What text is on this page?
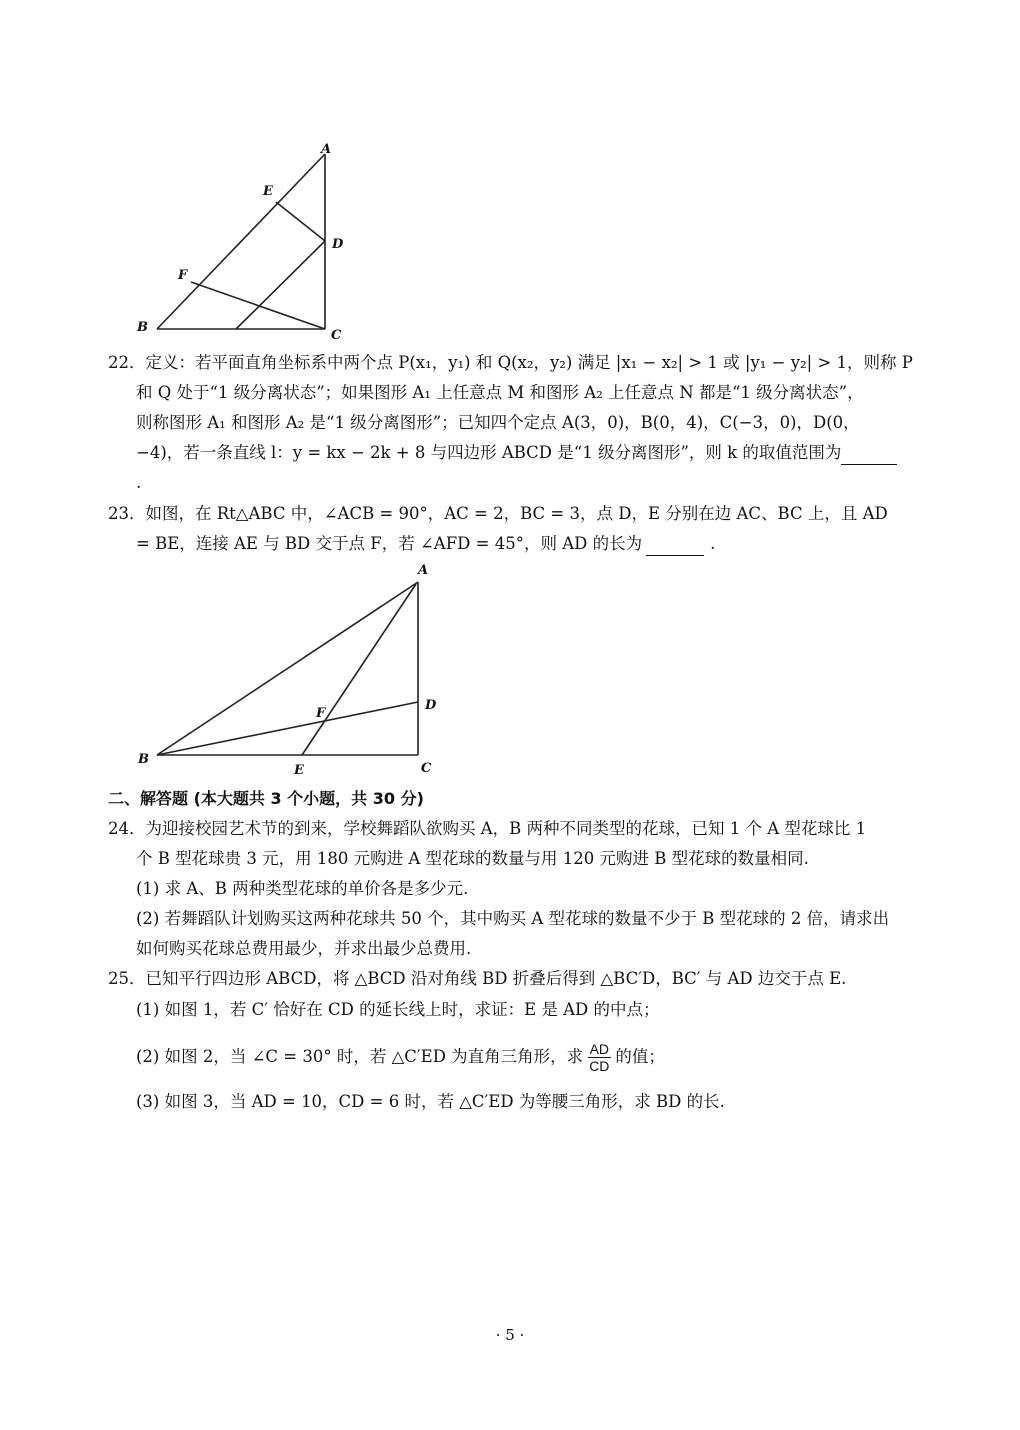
A
E
D
F
B
C
22．定义：若平面直角坐标系中两个点 P(x₁，y₁) 和 Q(x₂，y₂) 满足 |x₁ − x₂| > 1 或 |y₁ − y₂| > 1，则称 P
和 Q 处于“1 级分离状态”；如果图形 A₁ 上任意点 M 和图形 A₂ 上任意点 N 都是“1 级分离状态”，
则称图形 A₁ 和图形 A₂ 是“1 级分离图形”；已知四个定点 A(3，0)，B(0，4)，C(−3，0)，D(0，
−4)，若一条直线 l：y = kx − 2k + 8 与四边形 ABCD 是“1 级分离图形”，则 k 的取值范围为
.
23．如图，在 Rt△ABC 中，∠ACB = 90°，AC = 2，BC = 3，点 D，E 分别在边 AC、BC 上，且 AD
= BE，连接 AE 与 BD 交于点 F，若 ∠AFD = 45°，则 AD 的长为	.
A
D
F
B
E	C
二、解答题 (本大题共 3 个小题，共 30 分)
24．为迎接校园艺术节的到来，学校舞蹈队欲购买 A，B 两种不同类型的花球，已知 1 个 A 型花球比 1
个 B 型花球贵 3 元，用 180 元购进 A 型花球的数量与用 120 元购进 B 型花球的数量相同.
(1) 求 A、B 两种类型花球的单价各是多少元.
(2) 若舞蹈队计划购买这两种花球共 50 个，其中购买 A 型花球的数量不少于 B 型花球的 2 倍，请求出
如何购买花球总费用最少，并求出最少总费用.
25．已知平行四边形 ABCD，将 △BCD 沿对角线 BD 折叠后得到 △BC′D，BC′ 与 AD 边交于点 E.
(1) 如图 1，若 C′ 恰好在 CD 的延长线上时，求证：E 是 AD 的中点；
(2) 如图 2，当 ∠C = 30° 时，若 △C′ED 为直角三角形，求 $\frac{AD}{CD}$ 的值；
(3) 如图 3，当 AD = 10，CD = 6 时，若 △C′ED 为等腰三角形，求 BD 的长.
· 5 ·
